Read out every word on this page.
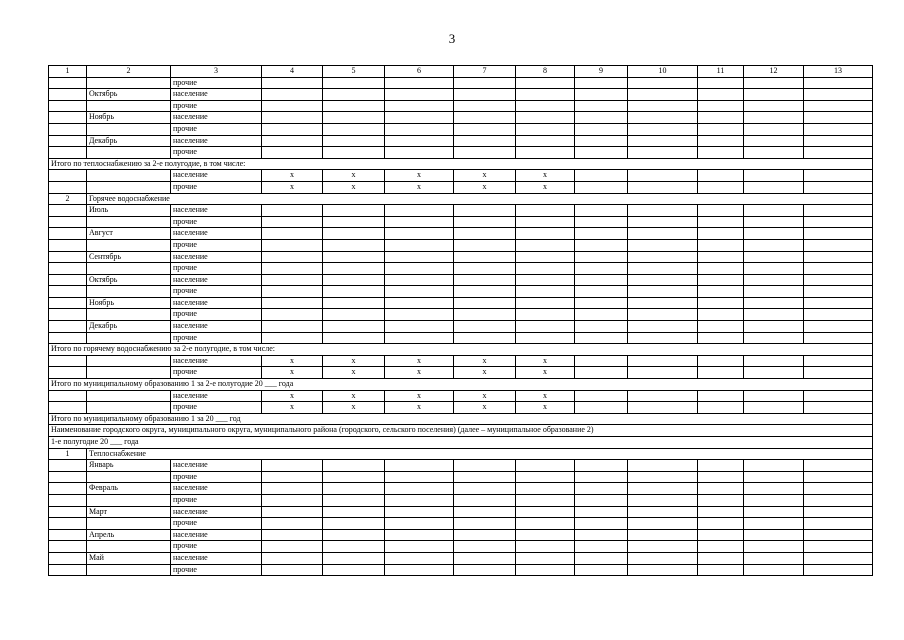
3
1	2	3	4	5	6	7	8	9	10	11	12	13
		прочие										
	Октябрь	население										
		прочие										
	Ноябрь	население										
		прочие										
	Декабрь	население										
		прочие										
Итого по теплоснабжению за 2-е полугодие, в том числе:												
		население	x	x	x	x	x					
		прочие	x	x	x	x	x					
2	Горячее водоснабжение											
	Июль	население										
		прочие										
	Август	население										
		прочие										
	Сентябрь	население										
		прочие										
	Октябрь	население										
		прочие										
	Ноябрь	население										
		прочие										
	Декабрь	население										
		прочие										
Итого по горячему водоснабжению за 2-е полугодие, в том числе:												
		население	x	x	x	x	x					
		прочие	x	x	x	x	x					
Итого по муниципальному образованию 1 за 2-е полугодие 20 ___ года												
		население	x	x	x	x	x					
		прочие	x	x	x	x	x					
Итого по муниципальному образованию 1 за 20 ___ год												
Наименование городского округа, муниципального округа, муниципального района (городского, сельского поселения) (далее – муниципальное образование 2)												
1-е полугодие 20 ___ года												
1	Теплоснабжение											
	Январь	население										
		прочие										
	Февраль	население										
		прочие										
	Март	население										
		прочие										
	Апрель	население										
		прочие										
	Май	население										
		прочие										
